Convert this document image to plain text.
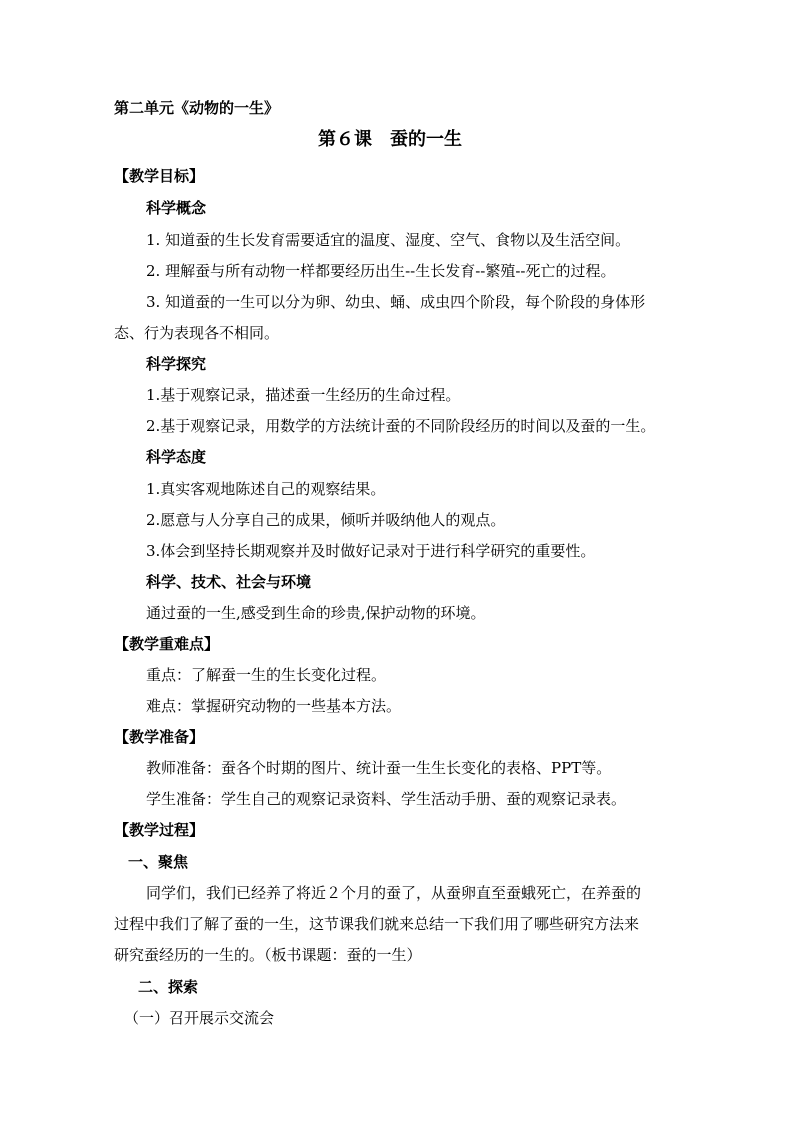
第二单元《动物的一生》
第６课　蚕的一生
【教学目标】
科学概念
1. 知道蚕的生长发育需要适宜的温度、湿度、空气、食物以及生活空间。
2. 理解蚕与所有动物一样都要经历出生--生长发育--繁殖--死亡的过程。
3. 知道蚕的一生可以分为卵、幼虫、蛹、成虫四个阶段，每个阶段的身体形
态、行为表现各不相同。
科学探究
1.基于观察记录，描述蚕一生经历的生命过程。
2.基于观察记录，用数学的方法统计蚕的不同阶段经历的时间以及蚕的一生。
科学态度
1.真实客观地陈述自己的观察结果。
2.愿意与人分享自己的成果，倾听并吸纳他人的观点。
3.体会到坚持长期观察并及时做好记录对于进行科学研究的重要性。
科学、技术、社会与环境
通过蚕的一生,感受到生命的珍贵,保护动物的环境。
【教学重难点】
重点：了解蚕一生的生长变化过程。
难点：掌握研究动物的一些基本方法。
【教学准备】
教师准备：蚕各个时期的图片、统计蚕一生生长变化的表格、PPT等。
学生准备：学生自己的观察记录资料、学生活动手册、蚕的观察记录表。
【教学过程】
一、聚焦
同学们，我们已经养了将近２个月的蚕了，从蚕卵直至蚕蛾死亡，在养蚕的
过程中我们了解了蚕的一生，这节课我们就来总结一下我们用了哪些研究方法来
研究蚕经历的一生的。（板书课题：蚕的一生）
二、探索
（一）召开展示交流会
